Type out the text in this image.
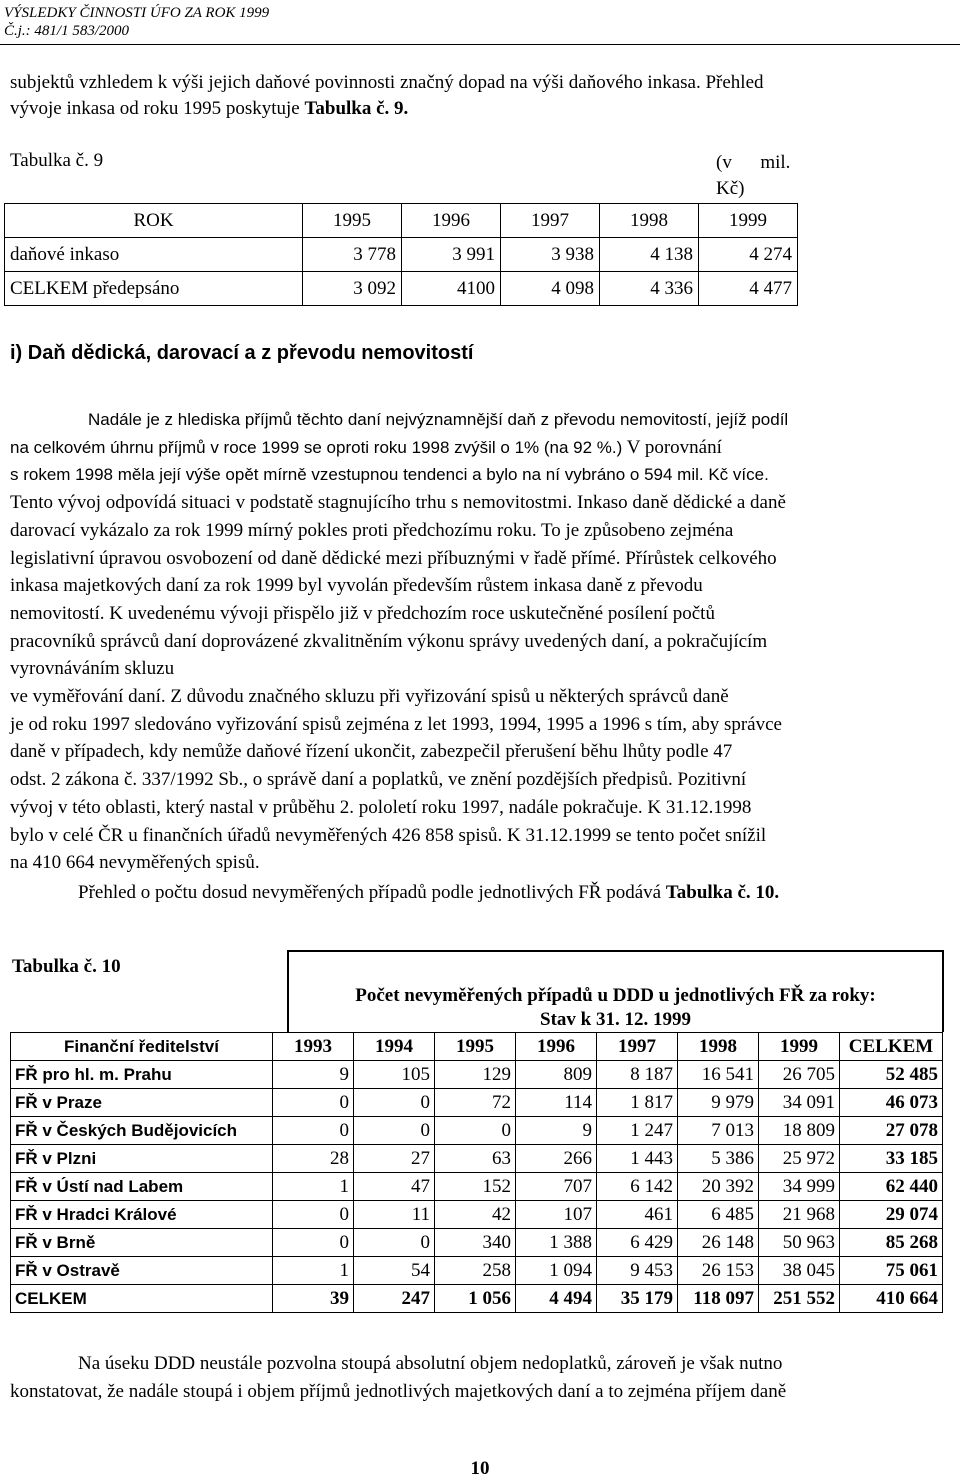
VÝSLEDKY ČINNOSTI ÚFO ZA ROK 1999
Č.j.: 481/1 583/2000
subjektů vzhledem k výši jejich daňové povinnosti značný dopad na výši daňového inkasa. Přehled
vývoje inkasa od roku 1995 poskytuje Tabulka č. 9.
Tabulka č. 9	(v      mil.
Kč)
ROK	1995	1996	1997	1998	1999
daňové inkaso	3 778	3 991	3 938	4 138	4 274
CELKEM předepsáno	3 092	4100	4 098	4 336	4 477
i) Daň dědická, darovací a z převodu nemovitostí
Nadále je z hlediska příjmů těchto daní nejvýznamnější daň z převodu nemovitostí, jejíž podíl
na celkovém úhrnu příjmů v roce 1999 se oproti roku 1998 zvýšil o 1% (na 92 %.) V porovnání
s rokem 1998 měla její výše opět mírně vzestupnou tendenci a bylo na ní vybráno o 594 mil. Kč více.
Tento vývoj odpovídá situaci v podstatě stagnujícího trhu s nemovitostmi. Inkaso daně dědické a daně
darovací vykázalo za rok 1999 mírný pokles proti předchozímu roku. To je způsobeno zejména
legislativní úpravou osvobození od daně dědické mezi příbuznými v řadě přímé. Přírůstek celkového
inkasa majetkových daní za rok 1999 byl vyvolán především růstem inkasa daně z převodu
nemovitostí. K uvedenému vývoji přispělo již v předchozím roce uskutečněné posílení počtů
pracovníků správců daní doprovázené zkvalitněním výkonu správy uvedených daní, a pokračujícím
vyrovnáváním skluzu
ve vyměřování daní. Z důvodu značného skluzu při vyřizování spisů u některých správců daně
je od roku 1997 sledováno vyřizování spisů zejména z let 1993, 1994, 1995 a 1996 s tím, aby správce
daně v případech, kdy nemůže daňové řízení ukončit, zabezpečil přerušení běhu lhůty podle 47
odst. 2 zákona č. 337/1992 Sb., o správě daní a poplatků, ve znění pozdějších předpisů. Pozitivní
vývoj v této oblasti, který nastal v průběhu 2. pololetí roku 1997, nadále pokračuje. K 31.12.1998
bylo v celé ČR u finančních úřadů nevyměřených 426 858 spisů. K 31.12.1999 se tento počet snížil
na 410 664 nevyměřených spisů.
Přehled o počtu dosud nevyměřených případů podle jednotlivých FŘ podává Tabulka č. 10.
Tabulka č. 10
Počet nevyměřených případů u DDD u jednotlivých FŘ za roky:
Stav k 31. 12. 1999
Finanční ředitelství	1993	1994	1995	1996	1997	1998	1999	CELKEM
FŘ pro hl. m. Prahu	9	105	129	809	8 187	16 541	26 705	52 485
FŘ v Praze	0	0	72	114	1 817	9 979	34 091	46 073
FŘ v Českých Budějovicích	0	0	0	9	1 247	7 013	18 809	27 078
FŘ v Plzni	28	27	63	266	1 443	5 386	25 972	33 185
FŘ v Ústí nad Labem	1	47	152	707	6 142	20 392	34 999	62 440
FŘ v Hradci Králové	0	11	42	107	461	6 485	21 968	29 074
FŘ v Brně	0	0	340	1 388	6 429	26 148	50 963	85 268
FŘ v Ostravě	1	54	258	1 094	9 453	26 153	38 045	75 061
CELKEM	39	247	1 056	4 494	35 179	118 097	251 552	410 664
Na úseku DDD neustále pozvolna stoupá absolutní objem nedoplatků, zároveň je však nutno
konstatovat, že nadále stoupá i objem příjmů jednotlivých majetkových daní a to zejména příjem daně
10
